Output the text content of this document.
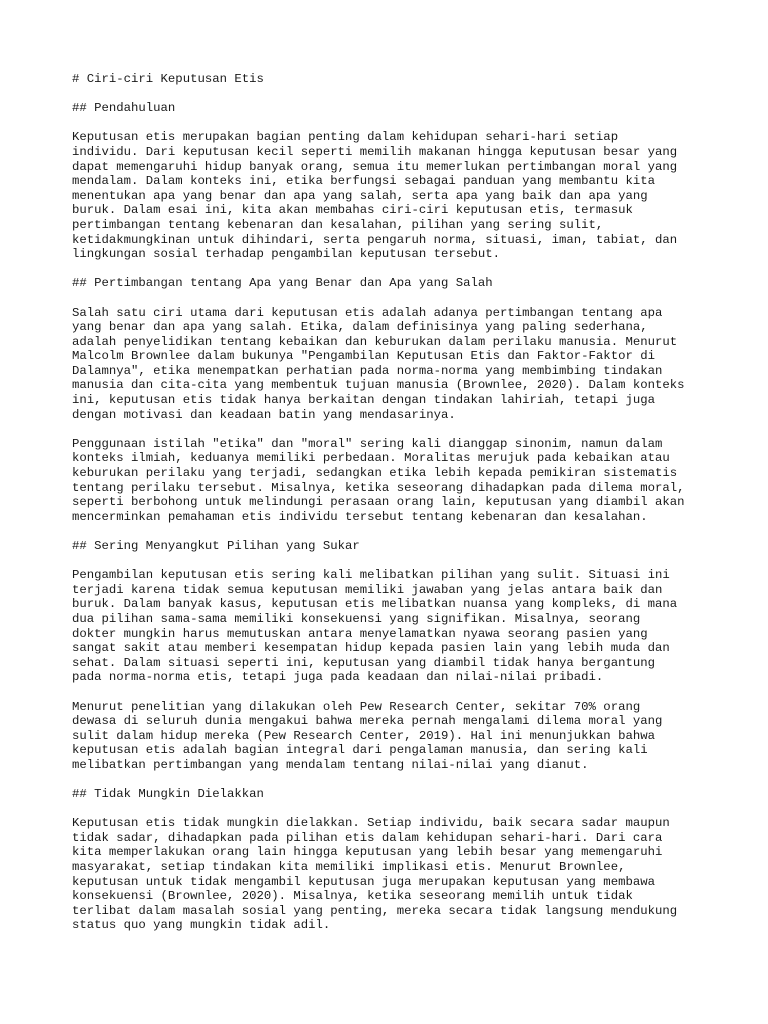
# Ciri-ciri Keputusan Etis
## Pendahuluan
Keputusan etis merupakan bagian penting dalam kehidupan sehari-hari setiap
individu. Dari keputusan kecil seperti memilih makanan hingga keputusan besar yang
dapat memengaruhi hidup banyak orang, semua itu memerlukan pertimbangan moral yang
mendalam. Dalam konteks ini, etika berfungsi sebagai panduan yang membantu kita
menentukan apa yang benar dan apa yang salah, serta apa yang baik dan apa yang
buruk. Dalam esai ini, kita akan membahas ciri-ciri keputusan etis, termasuk
pertimbangan tentang kebenaran dan kesalahan, pilihan yang sering sulit,
ketidakmungkinan untuk dihindari, serta pengaruh norma, situasi, iman, tabiat, dan
lingkungan sosial terhadap pengambilan keputusan tersebut.
## Pertimbangan tentang Apa yang Benar dan Apa yang Salah
Salah satu ciri utama dari keputusan etis adalah adanya pertimbangan tentang apa
yang benar dan apa yang salah. Etika, dalam definisinya yang paling sederhana,
adalah penyelidikan tentang kebaikan dan keburukan dalam perilaku manusia. Menurut
Malcolm Brownlee dalam bukunya "Pengambilan Keputusan Etis dan Faktor-Faktor di
Dalamnya", etika menempatkan perhatian pada norma-norma yang membimbing tindakan
manusia dan cita-cita yang membentuk tujuan manusia (Brownlee, 2020). Dalam konteks
ini, keputusan etis tidak hanya berkaitan dengan tindakan lahiriah, tetapi juga
dengan motivasi dan keadaan batin yang mendasarinya.
Penggunaan istilah "etika" dan "moral" sering kali dianggap sinonim, namun dalam
konteks ilmiah, keduanya memiliki perbedaan. Moralitas merujuk pada kebaikan atau
keburukan perilaku yang terjadi, sedangkan etika lebih kepada pemikiran sistematis
tentang perilaku tersebut. Misalnya, ketika seseorang dihadapkan pada dilema moral,
seperti berbohong untuk melindungi perasaan orang lain, keputusan yang diambil akan
mencerminkan pemahaman etis individu tersebut tentang kebenaran dan kesalahan.
## Sering Menyangkut Pilihan yang Sukar
Pengambilan keputusan etis sering kali melibatkan pilihan yang sulit. Situasi ini
terjadi karena tidak semua keputusan memiliki jawaban yang jelas antara baik dan
buruk. Dalam banyak kasus, keputusan etis melibatkan nuansa yang kompleks, di mana
dua pilihan sama-sama memiliki konsekuensi yang signifikan. Misalnya, seorang
dokter mungkin harus memutuskan antara menyelamatkan nyawa seorang pasien yang
sangat sakit atau memberi kesempatan hidup kepada pasien lain yang lebih muda dan
sehat. Dalam situasi seperti ini, keputusan yang diambil tidak hanya bergantung
pada norma-norma etis, tetapi juga pada keadaan dan nilai-nilai pribadi.
Menurut penelitian yang dilakukan oleh Pew Research Center, sekitar 70% orang
dewasa di seluruh dunia mengakui bahwa mereka pernah mengalami dilema moral yang
sulit dalam hidup mereka (Pew Research Center, 2019). Hal ini menunjukkan bahwa
keputusan etis adalah bagian integral dari pengalaman manusia, dan sering kali
melibatkan pertimbangan yang mendalam tentang nilai-nilai yang dianut.
## Tidak Mungkin Dielakkan
Keputusan etis tidak mungkin dielakkan. Setiap individu, baik secara sadar maupun
tidak sadar, dihadapkan pada pilihan etis dalam kehidupan sehari-hari. Dari cara
kita memperlakukan orang lain hingga keputusan yang lebih besar yang memengaruhi
masyarakat, setiap tindakan kita memiliki implikasi etis. Menurut Brownlee,
keputusan untuk tidak mengambil keputusan juga merupakan keputusan yang membawa
konsekuensi (Brownlee, 2020). Misalnya, ketika seseorang memilih untuk tidak
terlibat dalam masalah sosial yang penting, mereka secara tidak langsung mendukung
status quo yang mungkin tidak adil.
